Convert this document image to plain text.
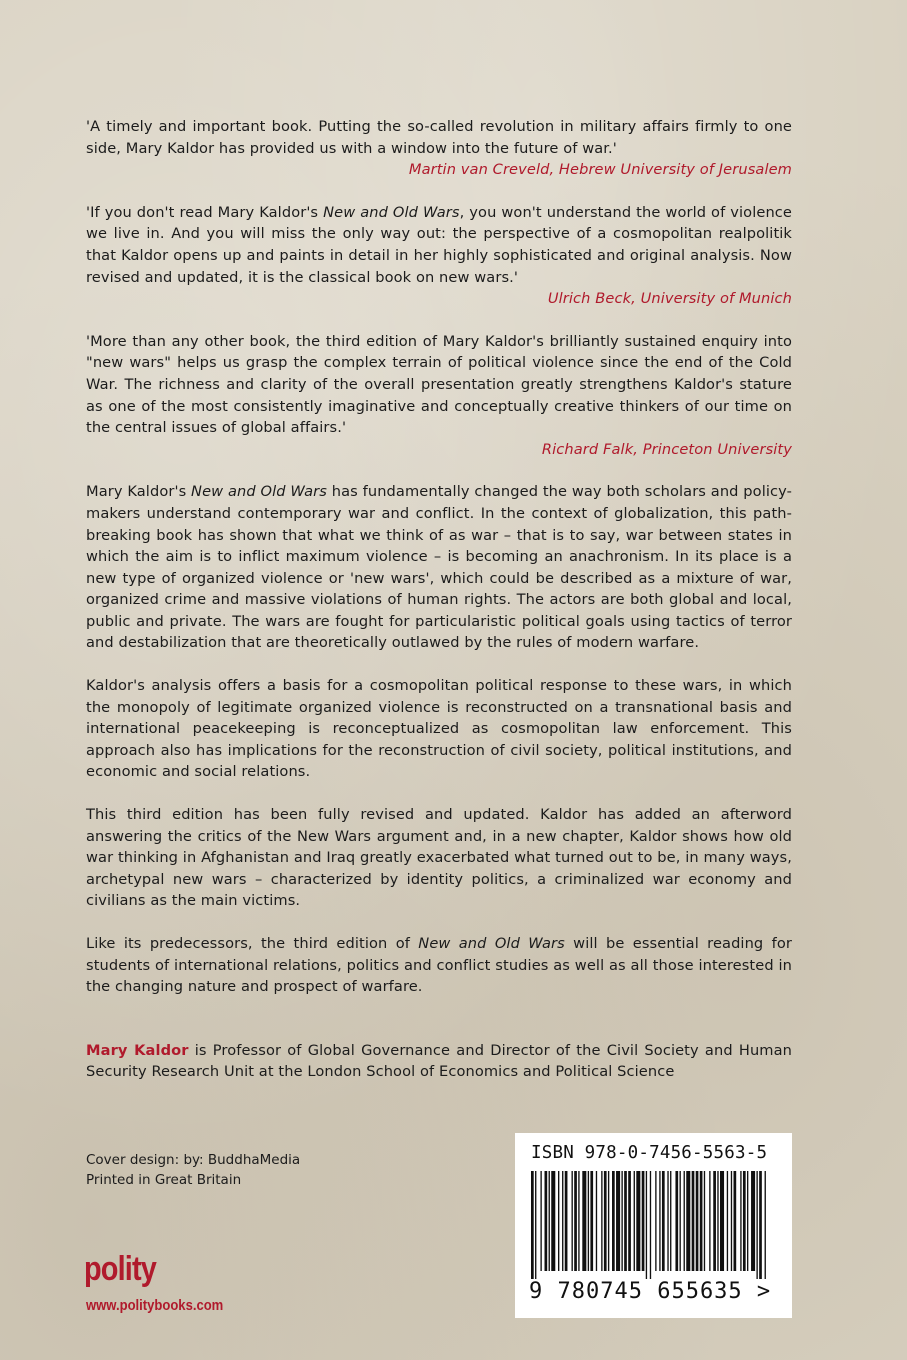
'A timely and important book. Putting the so-called revolution in military affairs firmly to one side, Mary Kaldor has provided us with a window into the future of war.'

Martin van Creveld, Hebrew University of Jerusalem

'If you don't read Mary Kaldor's New and Old Wars, you won't understand the world of violence we live in. And you will miss the only way out: the perspective of a cosmopolitan realpolitik that Kaldor opens up and paints in detail in her highly sophisticated and original analysis. Now revised and updated, it is the classical book on new wars.'

Ulrich Beck, University of Munich

'More than any other book, the third edition of Mary Kaldor's brilliantly sustained enquiry into "new wars" helps us grasp the complex terrain of political violence since the end of the Cold War. The richness and clarity of the overall presentation greatly strengthens Kaldor's stature as one of the most consistently imaginative and conceptually creative thinkers of our time on the central issues of global affairs.'

Richard Falk, Princeton University

Mary Kaldor's New and Old Wars has fundamentally changed the way both scholars and policy-makers understand contemporary war and conflict. In the context of globalization, this path-breaking book has shown that what we think of as war – that is to say, war between states in which the aim is to inflict maximum violence – is becoming an anachronism. In its place is a new type of organized violence or 'new wars', which could be described as a mixture of war, organized crime and massive violations of human rights. The actors are both global and local, public and private. The wars are fought for particularistic political goals using tactics of terror and destabilization that are theoretically outlawed by the rules of modern warfare.

Kaldor's analysis offers a basis for a cosmopolitan political response to these wars, in which the monopoly of legitimate organized violence is reconstructed on a transnational basis and international peacekeeping is reconceptualized as cosmopolitan law enforcement. This approach also has implications for the reconstruction of civil society, political institutions, and economic and social relations.

This third edition has been fully revised and updated. Kaldor has added an afterword answering the critics of the New Wars argument and, in a new chapter, Kaldor shows how old war thinking in Afghanistan and Iraq greatly exacerbated what turned out to be, in many ways, archetypal new wars – characterized by identity politics, a criminalized war economy and civilians as the main victims.

Like its predecessors, the third edition of New and Old Wars will be essential reading for students of international relations, politics and conflict studies as well as all those interested in the changing nature and prospect of warfare.

Mary Kaldor is Professor of Global Governance and Director of the Civil Society and Human Security Research Unit at the London School of Economics and Political Science

Cover design: by: BuddhaMedia
Printed in Great Britain
polity
www.politybooks.com
ISBN 978-0-7456-5563-5
9 780745 655635 >
